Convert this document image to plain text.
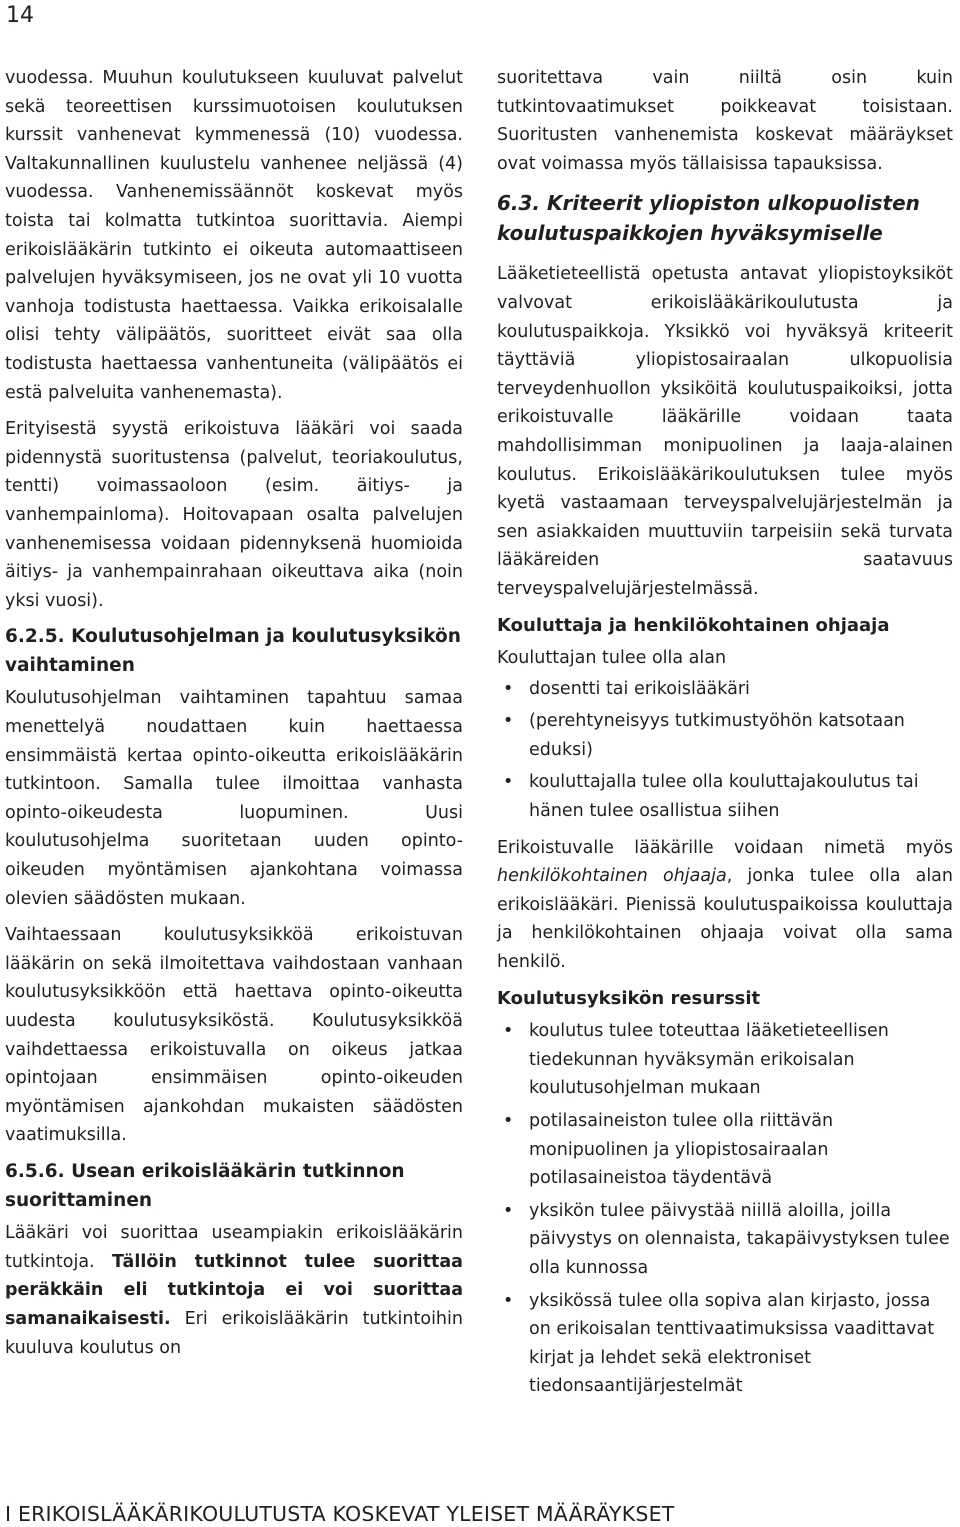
14

vuodessa. Muuhun koulutukseen kuuluvat palvelut sekä teoreettisen kurssimuotoisen koulutuksen kurssit vanhenevat kymmenessä (10) vuodessa. Valtakunnallinen kuulustelu vanhenee neljässä (4) vuodessa. Vanhenemissäännöt koskevat myös toista tai kolmatta tutkintoa suorittavia. Aiempi erikoislääkärin tutkinto ei oikeuta automaattiseen palvelujen hyväksymiseen, jos ne ovat yli 10 vuotta vanhoja todistusta haettaessa. Vaikka erikoisalalle olisi tehty välipäätös, suoritteet eivät saa olla todistusta haettaessa vanhentuneita (välipäätös ei estä palveluita vanhenemasta).

Erityisestä syystä erikoistuva lääkäri voi saada pidennystä suoritustensa (palvelut, teoriakoulutus, tentti) voimassaoloon (esim. äitiys- ja vanhempainloma). Hoitovapaan osalta palvelujen vanhenemisessa voidaan pidennyksenä huomioida äitiys- ja vanhempainrahaan oikeuttava aika (noin yksi vuosi).

6.2.5. Koulutusohjelman ja koulutusyksikön vaihtaminen

Koulutusohjelman vaihtaminen tapahtuu samaa menettelyä noudattaen kuin haettaessa ensimmäistä kertaa opinto-oikeutta erikoislääkärin tutkintoon. Samalla tulee ilmoittaa vanhasta opinto-oikeudesta luopuminen. Uusi koulutusohjelma suoritetaan uuden opinto-oikeuden myöntämisen ajankohtana voimassa olevien säädösten mukaan.

Vaihtaessaan koulutusyksikköä erikoistuvan lääkärin on sekä ilmoitettava vaihdostaan vanhaan koulutusyksikköön että haettava opinto-oikeutta uudesta koulutusyksiköstä. Koulutusyksikköä vaihdettaessa erikoistuvalla on oikeus jatkaa opintojaan ensimmäisen opinto-oikeuden myöntämisen ajankohdan mukaisten säädösten vaatimuksilla.

6.5.6. Usean erikoislääkärin tutkinnon suorittaminen

Lääkäri voi suorittaa useampiakin erikoislääkärin tutkintoja. Tällöin tutkinnot tulee suorittaa peräkkäin eli tutkintoja ei voi suorittaa samanaikaisesti. Eri erikoislääkärin tutkintoihin kuuluva koulutus on

suoritettava vain niiltä osin kuin tutkintovaatimukset poikkeavat toisistaan. Suoritusten vanhenemista koskevat määräykset ovat voimassa myös tällaisissa tapauksissa.

6.3. Kriteerit yliopiston ulkopuolisten koulutuspaikkojen hyväksymiselle

Lääketieteellistä opetusta antavat yliopistoyksiköt valvovat erikoislääkärikoulutusta ja koulutuspaikkoja. Yksikkö voi hyväksyä kriteerit täyttäviä yliopistosairaalan ulkopuolisia terveydenhuollon yksiköitä koulutuspaikoiksi, jotta erikoistuvalle lääkärille voidaan taata mahdollisimman monipuolinen ja laaja-alainen koulutus. Erikoislääkärikoulutuksen tulee myös kyetä vastaamaan terveyspalvelujärjestelmän ja sen asiakkaiden muuttuviin tarpeisiin sekä turvata lääkäreiden saatavuus terveyspalvelujärjestelmässä.

Kouluttaja ja henkilökohtainen ohjaaja

Kouluttajan tulee olla alan

• dosentti tai erikoislääkäri
• (perehtyneisyys tutkimustyöhön katsotaan eduksi)
• kouluttajalla tulee olla kouluttajakoulutus tai hänen tulee osallistua siihen

Erikoistuvalle lääkärille voidaan nimetä myös henkilökohtainen ohjaaja, jonka tulee olla alan erikoislääkäri. Pienissä koulutuspaikoissa kouluttaja ja henkilökohtainen ohjaaja voivat olla sama henkilö.

Koulutusyksikön resurssit
• koulutus tulee toteuttaa lääketieteellisen tiedekunnan hyväksymän erikoisalan koulutusohjelman mukaan
• potilasaineiston tulee olla riittävän monipuolinen ja yliopistosairaalan potilasaineistoa täydentävä
• yksikön tulee päivystää niillä aloilla, joilla päivystys on olennaista, takapäivystyksen tulee olla kunnossa
• yksikössä tulee olla sopiva alan kirjasto, jossa on erikoisalan tenttivaatimuksissa vaadittavat kirjat ja lehdet sekä elektroniset tiedonsaantijärjestelmät
I ERIKOISLÄÄKÄRIKOULUTUSTA KOSKEVAT YLEISET MÄÄRÄYKSET
